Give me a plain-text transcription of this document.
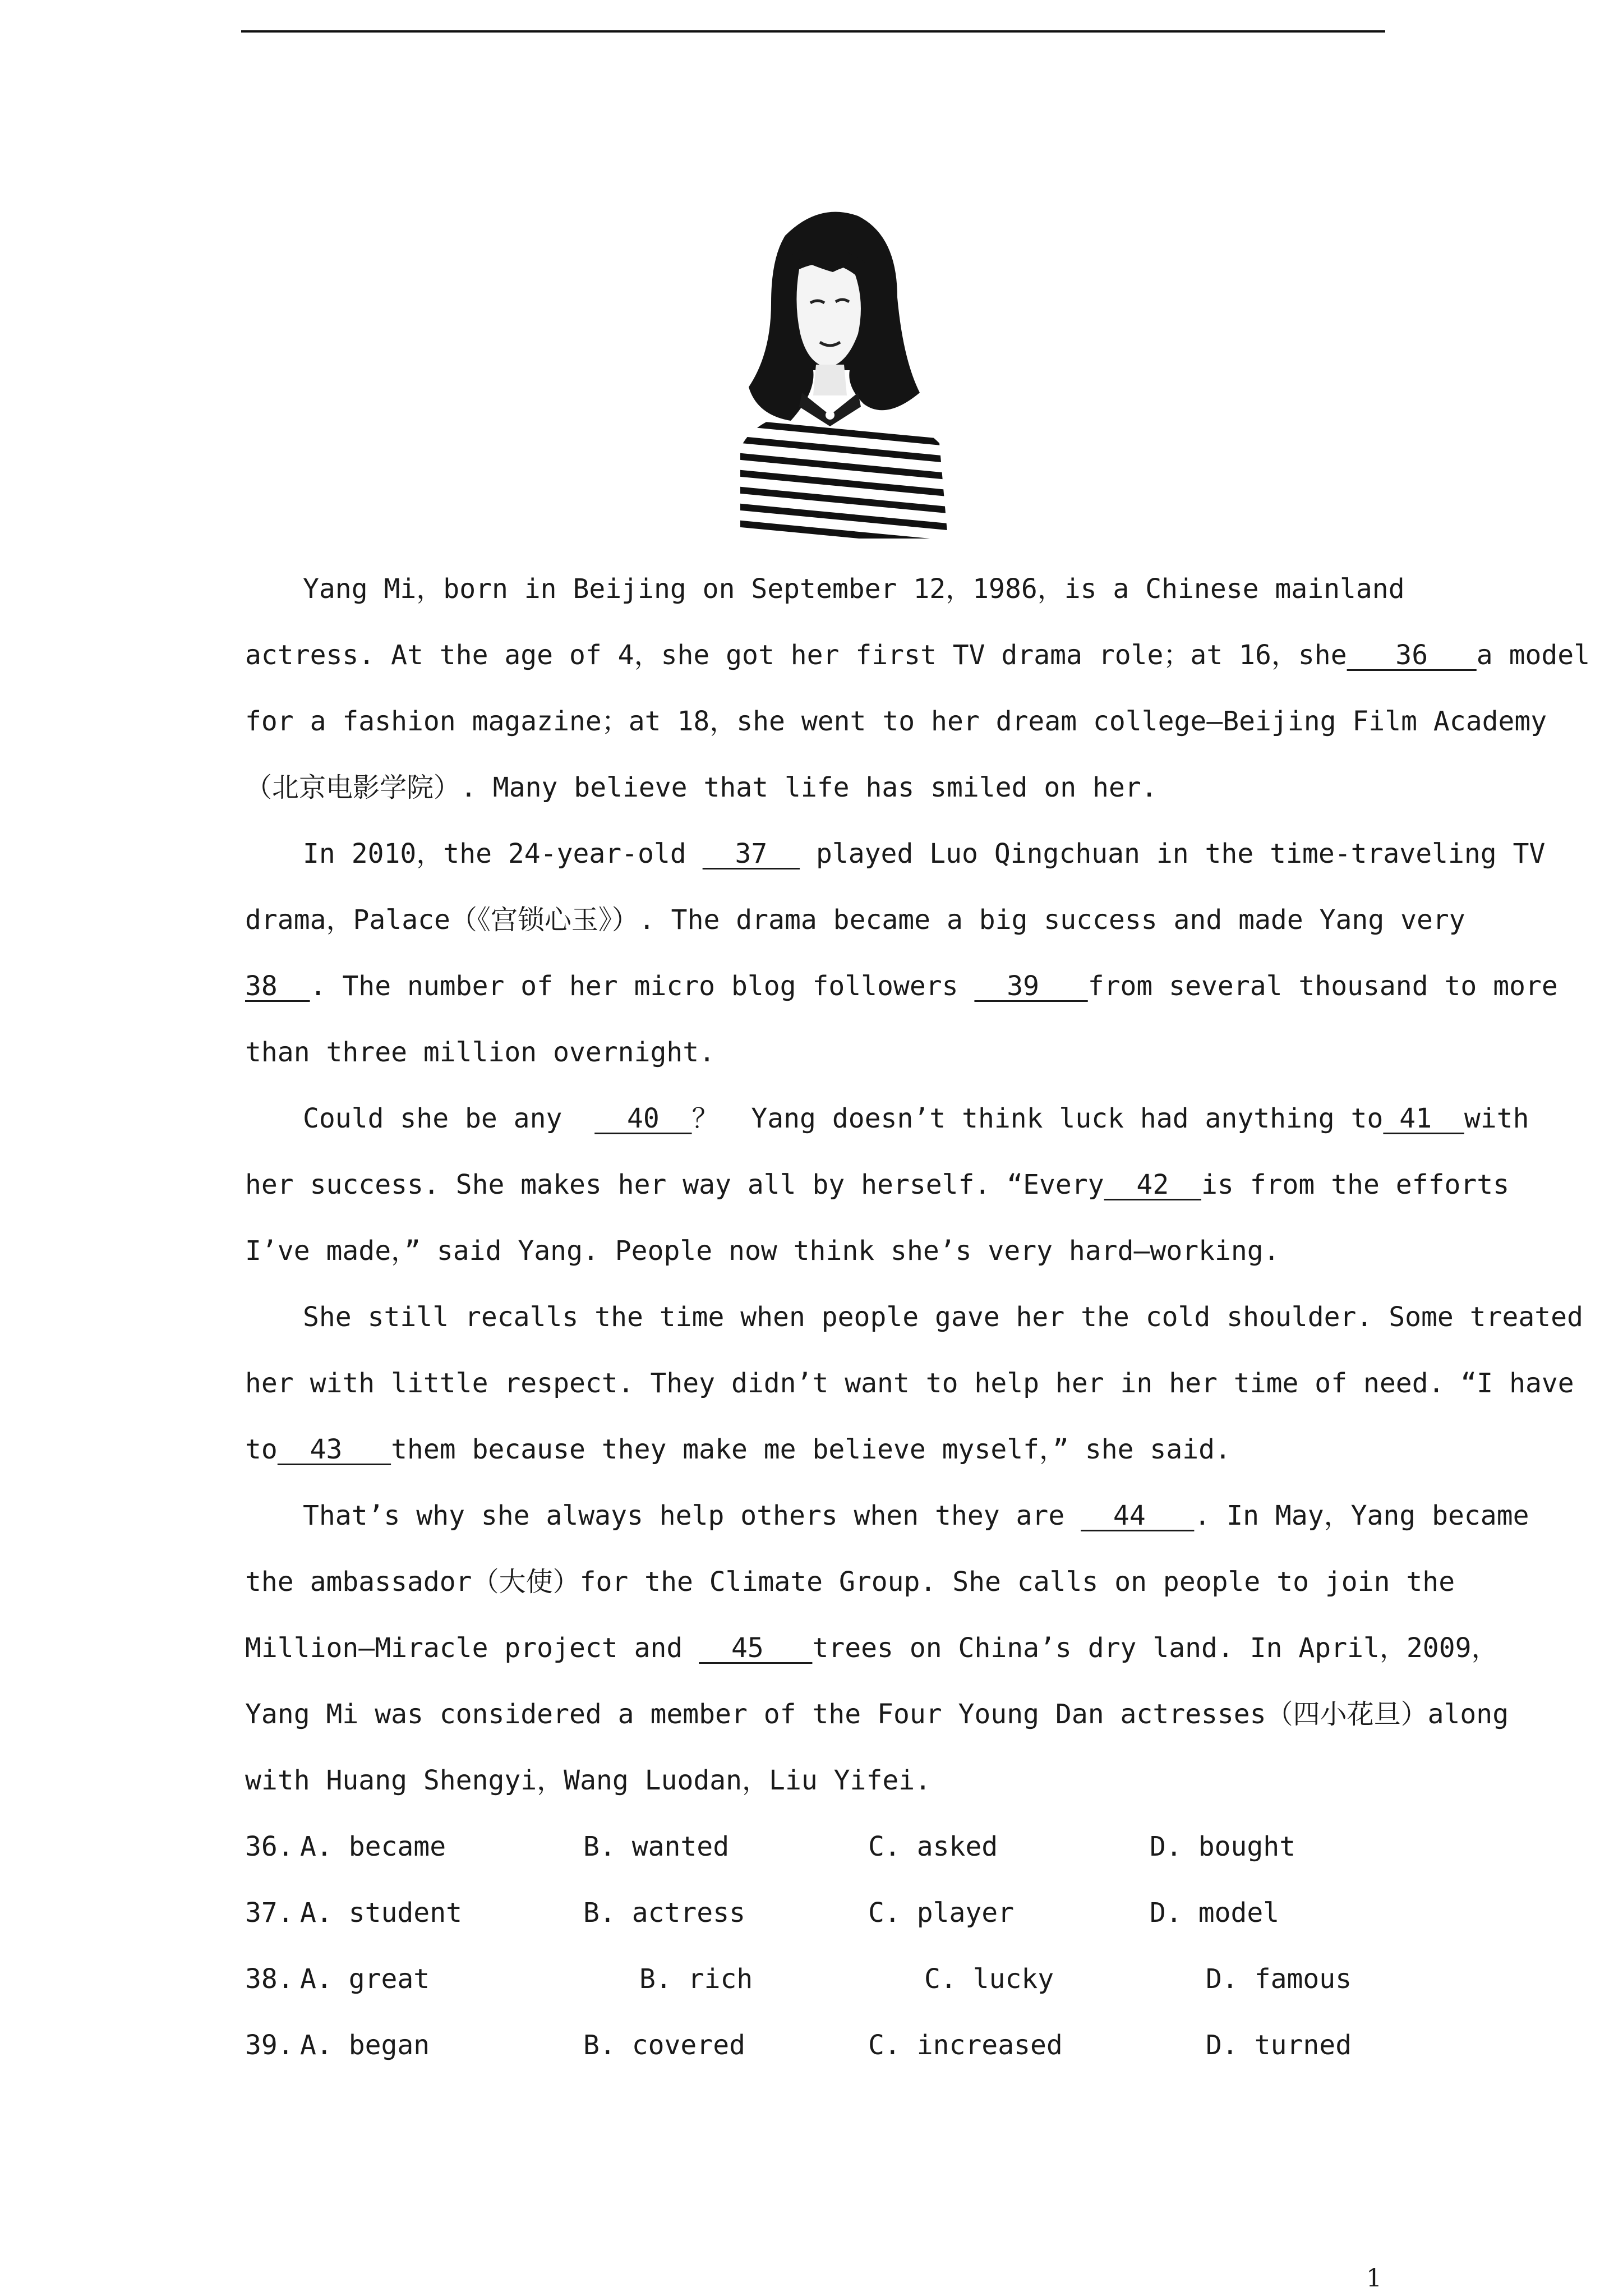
Yang Mi，born in Beijing on September 12，1986，is a Chinese mainland
actress. At the age of 4，she got her first TV drama role；at 16，she   36   a model
for a fashion magazine；at 18，she went to her dream college—Beijing Film Academy
（北京电影学院）. Many believe that life has smiled on her.
In 2010，the 24-year-old   37   played Luo Qingchuan in the time-traveling TV
drama，Palace（《宫锁心玉》）. The drama became a big success and made Yang very
38  . The number of her micro blog followers   39   from several thousand to more
than three million overnight.
Could she be any    40  ？  Yang doesn’t think luck had anything to 41  with
her success. She makes her way all by herself. “Every  42  is from the efforts
I’ve made，” said Yang. People now think she’s very hard—working.
She still recalls the time when people gave her the cold shoulder. Some treated
her with little respect. They didn’t want to help her in her time of need. “I have
to  43   them because they make me believe myself，” she said.
That’s why she always help others when they are   44   . In May，Yang became
the ambassador（大使）for the Climate Group. She calls on people to join the
Million—Miracle project and   45   trees on China’s dry land. In April，2009，
Yang Mi was considered a member of the Four Young Dan actresses（四小花旦）along
with Huang Shengyi，Wang Luodan，Liu Yifei.
36. A. became	B. wanted	C. asked	D. bought
37. A. student	B. actress	C. player	D. model
38. A. great	B. rich	C. lucky	D. famous
39. A. began	B. covered	C. increased	D. turned
1
